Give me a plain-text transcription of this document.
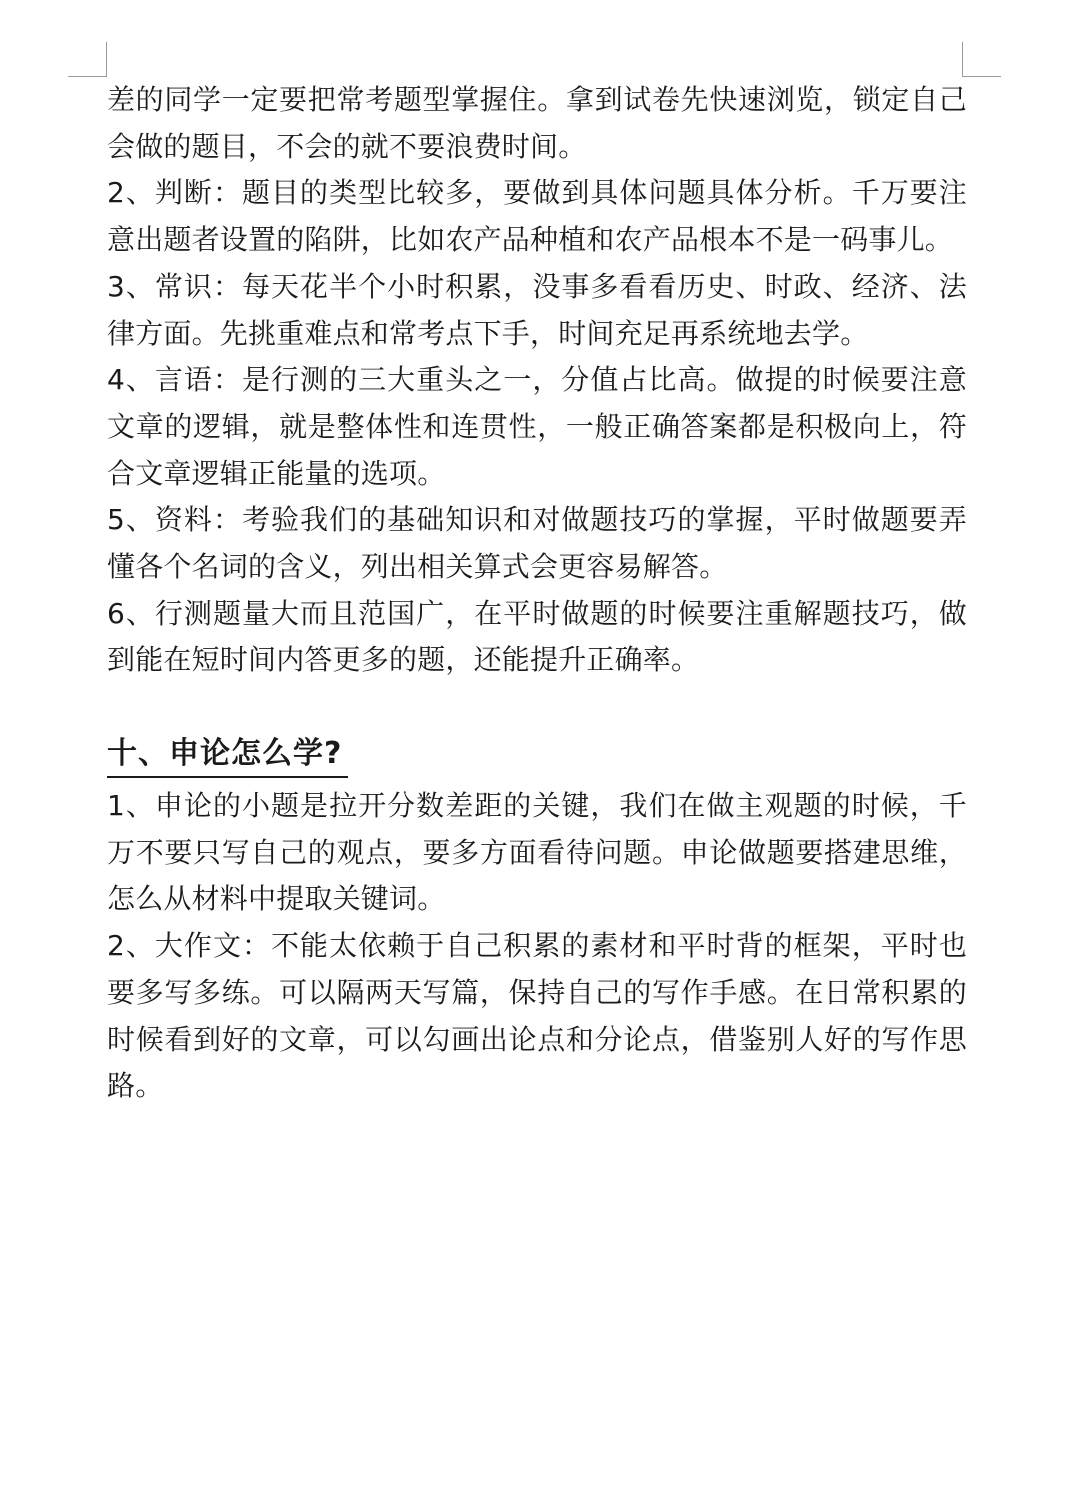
差的同学一定要把常考题型掌握住。拿到试卷先快速浏览，锁定自己会做的题目，不会的就不要浪费时间。

2、判断：题目的类型比较多，要做到具体问题具体分析。千万要注意出题者设置的陷阱，比如农产品种植和农产品根本不是一码事儿。

3、常识：每天花半个小时积累，没事多看看历史、时政、经济、法律方面。先挑重难点和常考点下手，时间充足再系统地去学。

4、言语：是行测的三大重头之一，分值占比高。做提的时候要注意文章的逻辑，就是整体性和连贯性，一般正确答案都是积极向上，符合文章逻辑正能量的选项。

5、资料：考验我们的基础知识和对做题技巧的掌握，平时做题要弄懂各个名词的含义，列出相关算式会更容易解答。

6、行测题量大而且范国广，在平时做题的时候要注重解题技巧，做到能在短时间内答更多的题，还能提升正确率。

十、申论怎么学?

1、申论的小题是拉开分数差距的关键，我们在做主观题的时候，千万不要只写自己的观点，要多方面看待问题。申论做题要搭建思维，怎么从材料中提取关键词。

2、大作文：不能太依赖于自己积累的素材和平时背的框架，平时也要多写多练。可以隔两天写篇，保持自己的写作手感。在日常积累的时候看到好的文章，可以勾画出论点和分论点，借鉴别人好的写作思路。
